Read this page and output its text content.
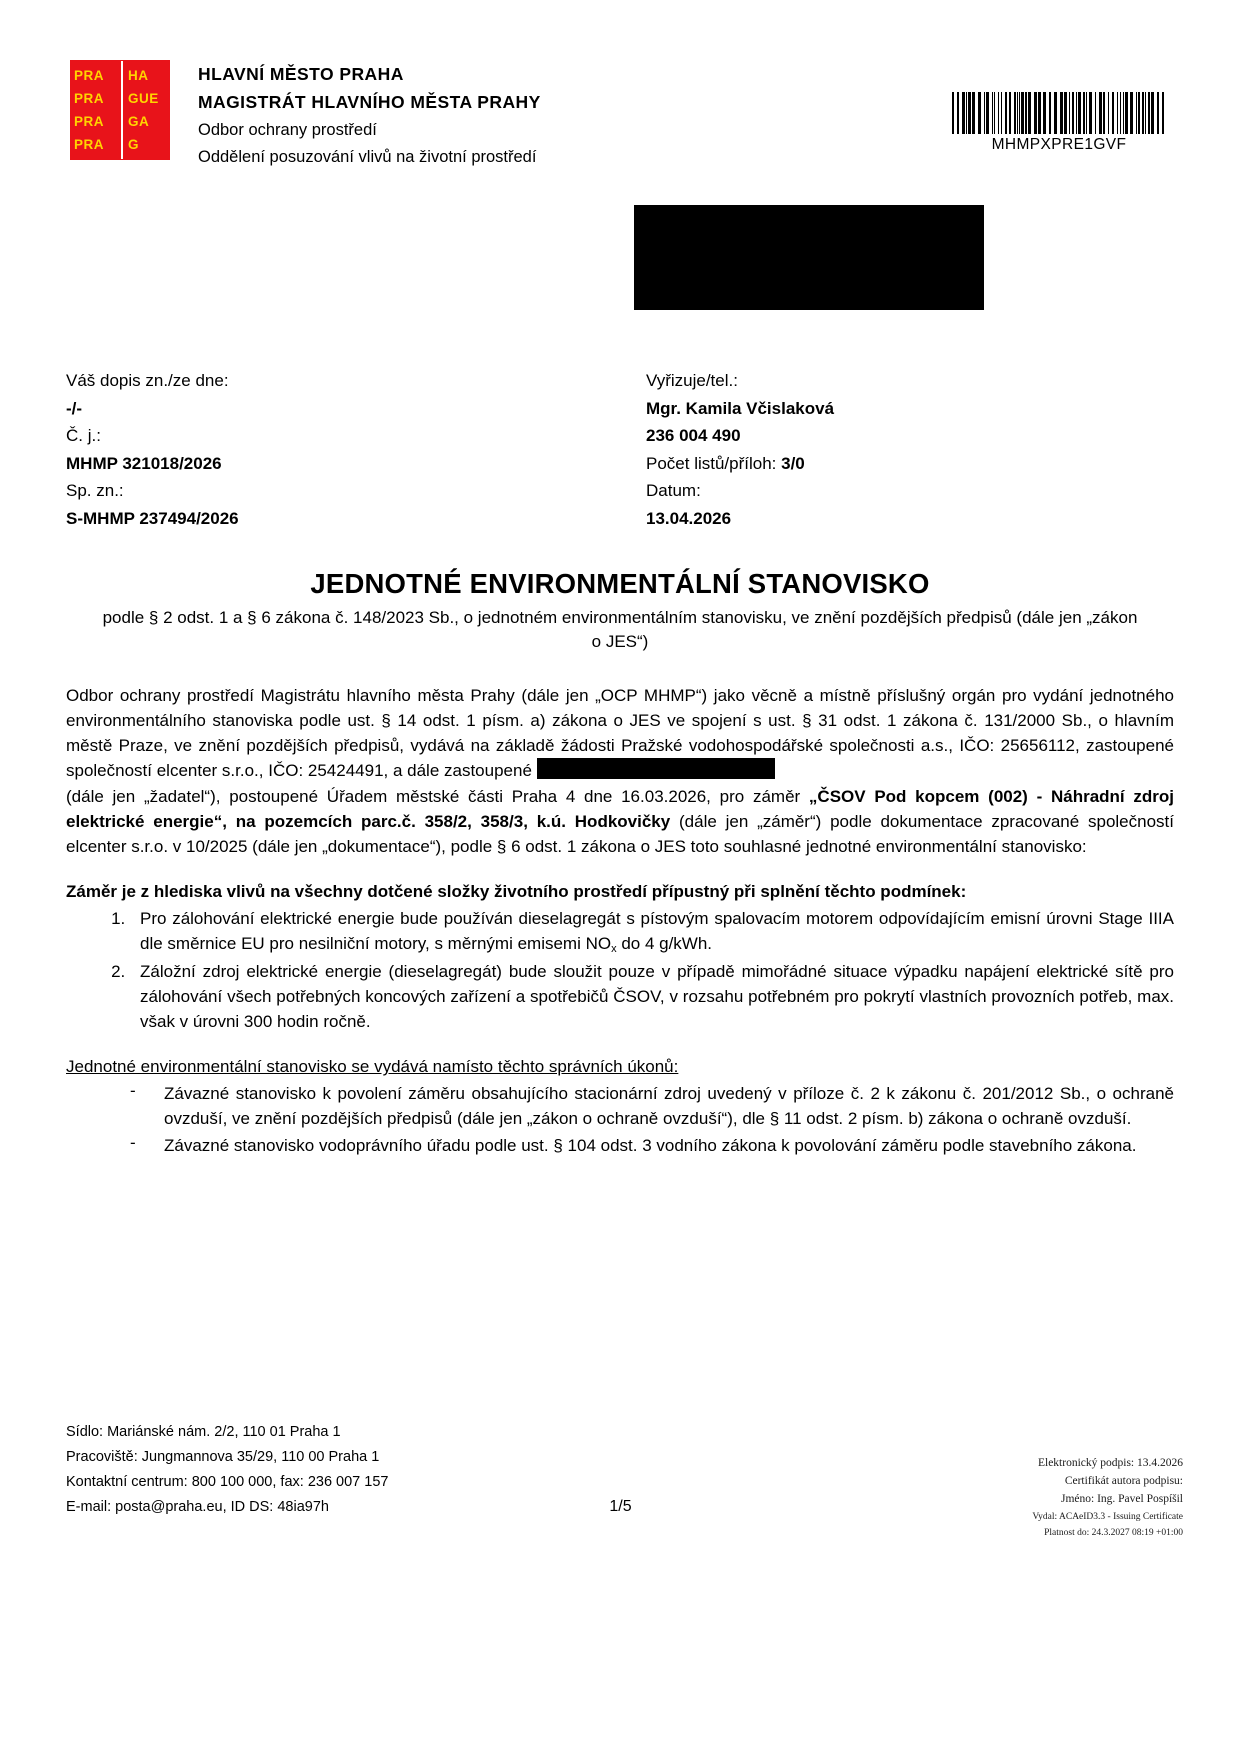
PRA	HA
PRA	GUE
PRA	GA
PRA	G
HLAVNÍ MĚSTO PRAHA
MAGISTRÁT HLAVNÍHO MĚSTA PRAHY
Odbor ochrany prostředí
Oddělení posuzování vlivů na životní prostředí
MHMPXPRE1GVF
Váš dopis zn./ze dne:
-/-
Č. j.:
MHMP 321018/2026
Sp. zn.:
S-MHMP 237494/2026
Vyřizuje/tel.:
Mgr. Kamila Včislaková
236 004 490
Počet listů/příloh: 3/0
Datum:
13.04.2026
JEDNOTNÉ ENVIRONMENTÁLNÍ STANOVISKO
podle § 2 odst. 1 a § 6 zákona č. 148/2023 Sb., o jednotném environmentálním stanovisku, ve znění pozdějších předpisů (dále jen „zákon o JES“)

Odbor ochrany prostředí Magistrátu hlavního města Prahy (dále jen „OCP MHMP“) jako věcně a místně příslušný orgán pro vydání jednotného environmentálního stanoviska podle ust. § 14 odst. 1 písm. a) zákona o JES ve spojení s ust. § 31 odst. 1 zákona č. 131/2000 Sb., o hlavním městě Praze, ve znění pozdějších předpisů, vydává na základě žádosti Pražské vodohospodářské společnosti a.s., IČO: 25656112, zastoupené společností elcenter s.r.o., IČO: 25424491, a dále zastoupené

(dále jen „žadatel“), postoupené Úřadem městské části Praha 4 dne 16.03.2026, pro záměr „ČSOV Pod kopcem (002) - Náhradní zdroj elektrické energie“, na pozemcích parc.č. 358/2, 358/3, k.ú. Hodkovičky (dále jen „záměr“) podle dokumentace zpracované společností elcenter s.r.o. v 10/2025 (dále jen „dokumentace“), podle § 6 odst. 1 zákona o JES toto souhlasné jednotné environmentální stanovisko:

Záměr je z hlediska vlivů na všechny dotčené složky životního prostředí přípustný při splnění těchto podmínek:

1. Pro zálohování elektrické energie bude používán dieselagregát s pístovým spalovacím motorem odpovídajícím emisní úrovni Stage IIIA dle směrnice EU pro nesilniční motory, s měrnými emisemi $NO_x$ do 4 g/kWh.
2. Záložní zdroj elektrické energie (dieselagregát) bude sloužit pouze v případě mimořádné situace výpadku napájení elektrické sítě pro zálohování všech potřebných koncových zařízení a spotřebičů ČSOV, v rozsahu potřebném pro pokrytí vlastních provozních potřeb, max. však v úrovni 300 hodin ročně.

Jednotné environmentální stanovisko se vydává namísto těchto správních úkonů:

- Závazné stanovisko k povolení záměru obsahujícího stacionární zdroj uvedený v příloze č. 2 k zákonu č. 201/2012 Sb., o ochraně ovzduší, ve znění pozdějších předpisů (dále jen „zákon o ochraně ovzduší“), dle § 11 odst. 2 písm. b) zákona o ochraně ovzduší.
- Závazné stanovisko vodoprávního úřadu podle ust. § 104 odst. 3 vodního zákona k povolování záměru podle stavebního zákona.
Sídlo: Mariánské nám. 2/2, 110 01 Praha 1
Pracoviště: Jungmannova 35/29, 110 00 Praha 1
Kontaktní centrum: 800 100 000, fax: 236 007 157
E-mail: posta@praha.eu, ID DS: 48ia97h	1/5
Elektronický podpis: 13.4.2026
Certifikát autora podpisu:
Jméno: Ing. Pavel Pospíšil
Vydal: ACAeID3.3 - Issuing Certificate
Platnost do: 24.3.2027 08:19 +01:00
